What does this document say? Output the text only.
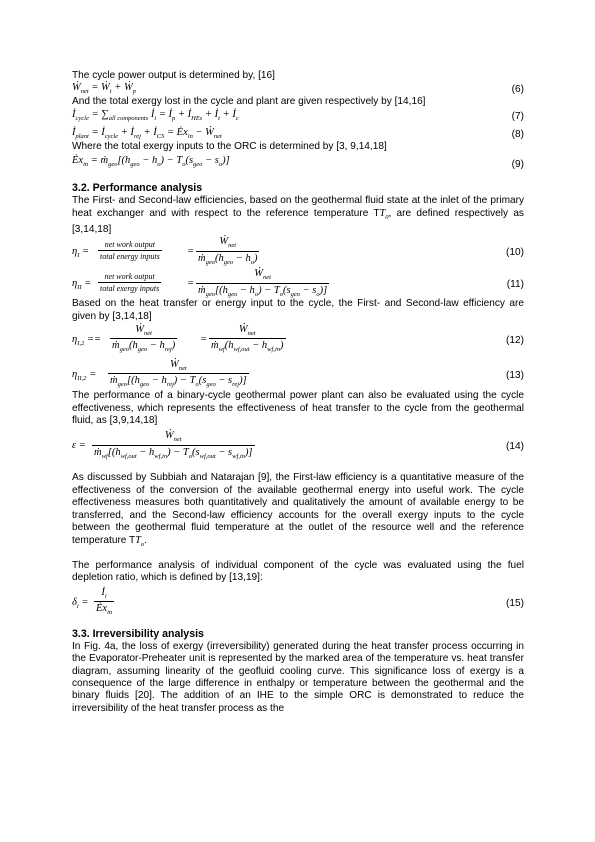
The cycle power output is determined by, [16]

Ẇ$_{net}$ = Ẇ$_t$ + Ẇ$_p$	(6)

And the total exergy lost in the cycle and plant are given respectively by [14,16]

$İ_{cycle} = \sum_{all components}$ $İ_i$ = $İ_p$ + $İ_{HEs}$ + $İ_t$ + $İ_c$	(7)
$İ_{plant}$ = $İ_{cycle}$ + $İ_{rej}$ + $İ_{CS}$ = $Ėx_{in}$ − Ẇ$_{net}$	(8)

Where the total exergy inputs to the ORC is determined by [3, 9,14,18]

$Ėx_{in}$ = $ṁ_{geo}[(h_{geo} - h_o) - T_o(s_{geo} - s_o)]$	(9)
3.2. Performance analysis

The First- and Second-law efficiencies, based on the geothermal fluid state at the inlet of the primary heat exchanger and with respect to the reference temperature $TT_0$, are defined respectively as [3,14,18]

$\eta_I$ =
net work output
total energy inputs	=
Ẇ$_{net}$
$ṁ_{geo}(h_{geo} - h_o)$	(10)
$\eta_{II}$ =
net work output
total exergy inputs	=
Ẇ$_{net}$
$ṁ_{geo}[(h_{geo} - h_o) - T_o(s_{geo} - s_o)]$	(11)

Based on the heat transfer or energy input to the cycle, the First- and Second-law efficiency are given by [3,14,18]

$\eta_{I,2}$ ==
Ẇ$_{net}$
$ṁ_{geo}(h_{geo} - h_{rej})$
=
Ẇ$_{net}$
$ṁ_{wf}(h_{wf,out} - h_{wf,in})$	(12)
$\eta_{II,2}$ =
Ẇ$_{net}$
$ṁ_{geo}[(h_{geo} - h_{rej}) - T_o(s_{geo} - s_{rej})]$	(13)

The performance of a binary-cycle geothermal power plant can also be evaluated using the cycle effectiveness, which represents the effectiveness of heat transfer to the cycle from the geothermal fluid, as [3,9,14,18]

ε =
Ẇ$_{net}$
$ṁ_{wf}[(h_{wf,out} - h_{wf,in}) - T_o(s_{wf,out} - s_{wf,in})]$	(14)

As discussed by Subbiah and Natarajan [9], the First-law efficiency is a quantitative measure of the effectiveness of the conversion of the available geothermal energy into useful work. The cycle effectiveness measures both quantitatively and qualitatively the amount of available energy to be transferred, and the Second-law efficiency accounts for the overall exergy inputs to the cycle between the geothermal fluid temperature at the outlet of the resource well and the reference temperature $TT_o$.

The performance analysis of individual component of the cycle was evaluated using the fuel depletion ratio, which is defined by [13,19]:

$\delta_i$ =
$İ_i$
$Ėx_{in}$
(15)
3.3. Irreversibility analysis

In Fig. 4a, the loss of exergy (irreversibility) generated during the heat transfer process occurring in the Evaporator-Preheater unit is represented by the marked area of the temperature vs. heat transfer diagram, assuming linearity of the geofluid cooling curve. This significance loss of exergy is a consequence of the large difference in enthalpy or temperature between the geothermal and the binary fluids [20]. The addition of an IHE to the simple ORC is demonstrated to reduce the irreversibility of the heat transfer process as the
